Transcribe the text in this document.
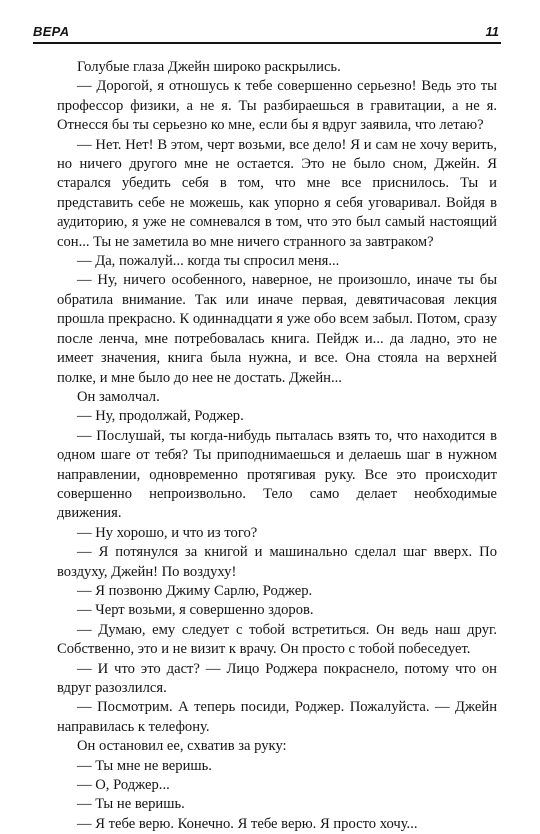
ВЕРА	11

Голубые глаза Джейн широко раскрылись.

— Дорогой, я отношусь к тебе совершенно серьезно! Ведь это ты профессор физики, а не я. Ты разбираешься в гравитации, а не я. Отнесся бы ты серьезно ко мне, если бы я вдруг заявила, что летаю?

— Нет. Нет! В этом, черт возьми, все дело! Я и сам не хочу верить, но ничего другого мне не остается. Это не было сном, Джейн. Я старался убедить себя в том, что мне все приснилось. Ты и представить себе не можешь, как упорно я себя уговаривал. Войдя в аудиторию, я уже не сомневался в том, что это был самый настоящий сон... Ты не заметила во мне ничего странного за завтраком?

— Да, пожалуй... когда ты спросил меня...

— Ну, ничего особенного, наверное, не произошло, иначе ты бы обратила внимание. Так или иначе первая, девятичасовая лекция прошла прекрасно. К одиннадцати я уже обо всем забыл. Потом, сразу после ленча, мне потребовалась книга. Пейдж и... да ладно, это не имеет значения, книга была нужна, и все. Она стояла на верхней полке, и мне было до нее не достать. Джейн...

Он замолчал.

— Ну, продолжай, Роджер.

— Послушай, ты когда-нибудь пыталась взять то, что находится в одном шаге от тебя? Ты приподнимаешься и делаешь шаг в нужном направлении, одновременно протягивая руку. Все это происходит совершенно непроизвольно. Тело само делает необходимые движения.

— Ну хорошо, и что из того?

— Я потянулся за книгой и машинально сделал шаг вверх. По воздуху, Джейн! По воздуху!

— Я позвоню Джиму Сарлю, Роджер.

— Черт возьми, я совершенно здоров.

— Думаю, ему следует с тобой встретиться. Он ведь наш друг. Собственно, это и не визит к врачу. Он просто с тобой побеседует.

— И что это даст? — Лицо Роджера покраснело, потому что он вдруг разозлился.

— Посмотрим. А теперь посиди, Роджер. Пожалуйста. — Джейн направилась к телефону.

Он остановил ее, схватив за руку:

— Ты мне не веришь.

— О, Роджер...

— Ты не веришь.

— Я тебе верю. Конечно. Я тебе верю. Я просто хочу...
